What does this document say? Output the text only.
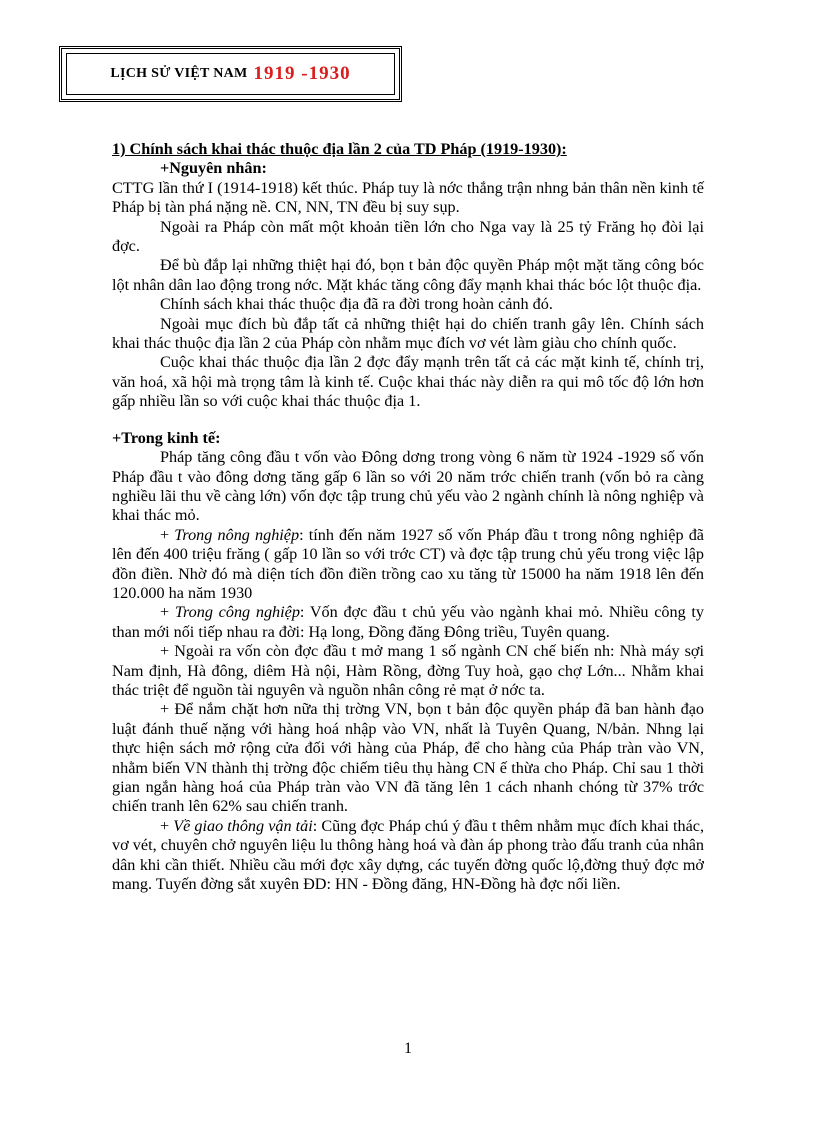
LỊCH SỬ VIỆT NAM 1919 -1930

1) Chính sách khai thác thuộc địa lần 2 của TD Pháp (1919-1930):

+Nguyên nhân:

CTTG lần thứ I (1914-1918) kết thúc. Pháp tuy là nớc thắng trận nhng bản thân nền kinh tế Pháp bị tàn phá nặng nề. CN, NN, TN đều bị suy sụp.

Ngoài ra Pháp còn mất một khoản tiền lớn cho Nga vay là 25 tỷ Frăng họ đòi lại đợc.

Để bù đắp lại những thiệt hại đó, bọn t bản độc quyền Pháp một mặt tăng công bóc lột nhân dân lao động trong nớc. Mặt khác tăng công đẩy mạnh khai thác bóc lột thuộc địa.

Chính sách khai thác thuộc địa đã ra đời trong hoàn cảnh đó.

Ngoài mục đích bù đắp tất cả những thiệt hại do chiến tranh gây lên. Chính sách khai thác thuộc địa lần 2 của Pháp còn nhằm mục đích vơ vét làm giàu cho chính quốc.

Cuộc khai thác thuộc địa lần 2 đợc đẩy mạnh trên tất cả các mặt kinh tế, chính trị, văn hoá, xã hội mà trọng tâm là kinh tế. Cuộc khai thác này diễn ra qui mô tốc độ lớn hơn gấp nhiều lần so với cuộc khai thác thuộc địa 1.

+Trong kinh tế:

Pháp tăng công đầu t vốn vào Đông dơng trong vòng 6 năm từ 1924 -1929 số vốn Pháp đầu t vào đông dơng tăng gấp 6 lần so với 20 năm trớc chiến tranh (vốn bỏ ra càng nghiều lãi thu về càng lớn) vốn đợc tập trung chủ yếu vào 2 ngành chính là nông nghiệp và khai thác mỏ.

+ Trong nông nghiệp: tính đến năm 1927 số vốn Pháp đầu t trong nông nghiệp đã lên đến 400 triệu frăng ( gấp 10 lần so với trớc CT) và đợc tập trung chủ yếu trong việc lập đồn điền. Nhờ đó mà diện tích đồn điền trồng cao xu tăng từ 15000 ha năm 1918 lên đến 120.000 ha năm 1930

+ Trong công nghiệp: Vốn đợc đầu t chủ yếu vào ngành khai mỏ. Nhiều công ty than mới nối tiếp nhau ra đời: Hạ long, Đồng đăng Đông triều, Tuyên quang.

+ Ngoài ra vốn còn đợc đầu t mở mang 1 số ngành CN chế biến nh: Nhà máy sợi Nam định, Hà đông, diêm Hà nội, Hàm Rồng, đờng Tuy hoà, gạo chợ Lớn... Nhằm khai thác triệt để nguồn tài nguyên và nguồn nhân công rẻ mạt ở nớc ta.

+ Để nắm chặt hơn nữa thị trờng VN, bọn t bản độc quyền pháp đã ban hành đạo luật đánh thuế nặng với hàng hoá nhập vào VN, nhất là Tuyên Quang, N/bản. Nhng lại thực hiện sách mở rộng cửa đối với hàng của Pháp, để cho hàng của Pháp tràn vào VN, nhằm biến VN thành thị trờng độc chiếm tiêu thụ hàng CN ế thừa cho Pháp. Chỉ sau 1 thời gian ngắn hàng hoá của Pháp tràn vào VN đã tăng lên 1 cách nhanh chóng từ 37% trớc chiến tranh lên 62% sau chiến tranh.

+ Về giao thông vận tải: Cũng đợc Pháp chú ý đầu t thêm nhằm mục đích khai thác, vơ vét, chuyên chở nguyên liệu lu thông hàng hoá và đàn áp phong trào đấu tranh của nhân dân khi cần thiết. Nhiều cầu mới đợc xây dựng, các tuyến đờng quốc lộ,đờng thuỷ đợc mở mang. Tuyến đờng sắt xuyên ĐD: HN - Đồng đăng, HN-Đồng hà đợc nối liền.

1
